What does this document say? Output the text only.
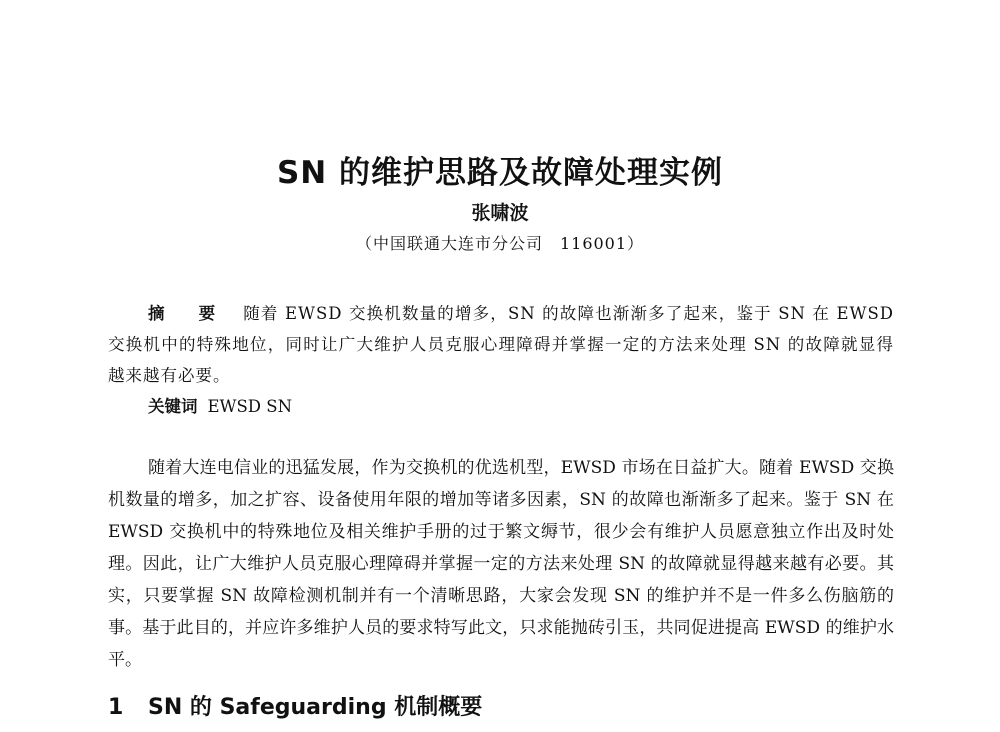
SN 的维护思路及故障处理实例
张啸波
（中国联通大连市分公司　116001）
摘 要 随着 EWSD 交换机数量的增多，SN 的故障也渐渐多了起来，鉴于 SN 在 EWSD 交换机中的特殊地位，同时让广大维护人员克服心理障碍并掌握一定的方法来处理 SN 的故障就显得越来越有必要。
关键词 EWSD SN
随着大连电信业的迅猛发展，作为交换机的优选机型，EWSD 市场在日益扩大。随着 EWSD 交换机数量的增多，加之扩容、设备使用年限的增加等诸多因素，SN 的故障也渐渐多了起来。鉴于 SN 在 EWSD 交换机中的特殊地位及相关维护手册的过于繁文缛节，很少会有维护人员愿意独立作出及时处理。因此，让广大维护人员克服心理障碍并掌握一定的方法来处理 SN 的故障就显得越来越有必要。其实，只要掌握 SN 故障检测机制并有一个清晰思路，大家会发现 SN 的维护并不是一件多么伤脑筋的事。基于此目的，并应许多维护人员的要求特写此文，只求能抛砖引玉，共同促进提高 EWSD 的维护水平。
1 SN 的 Safeguarding 机制概要
